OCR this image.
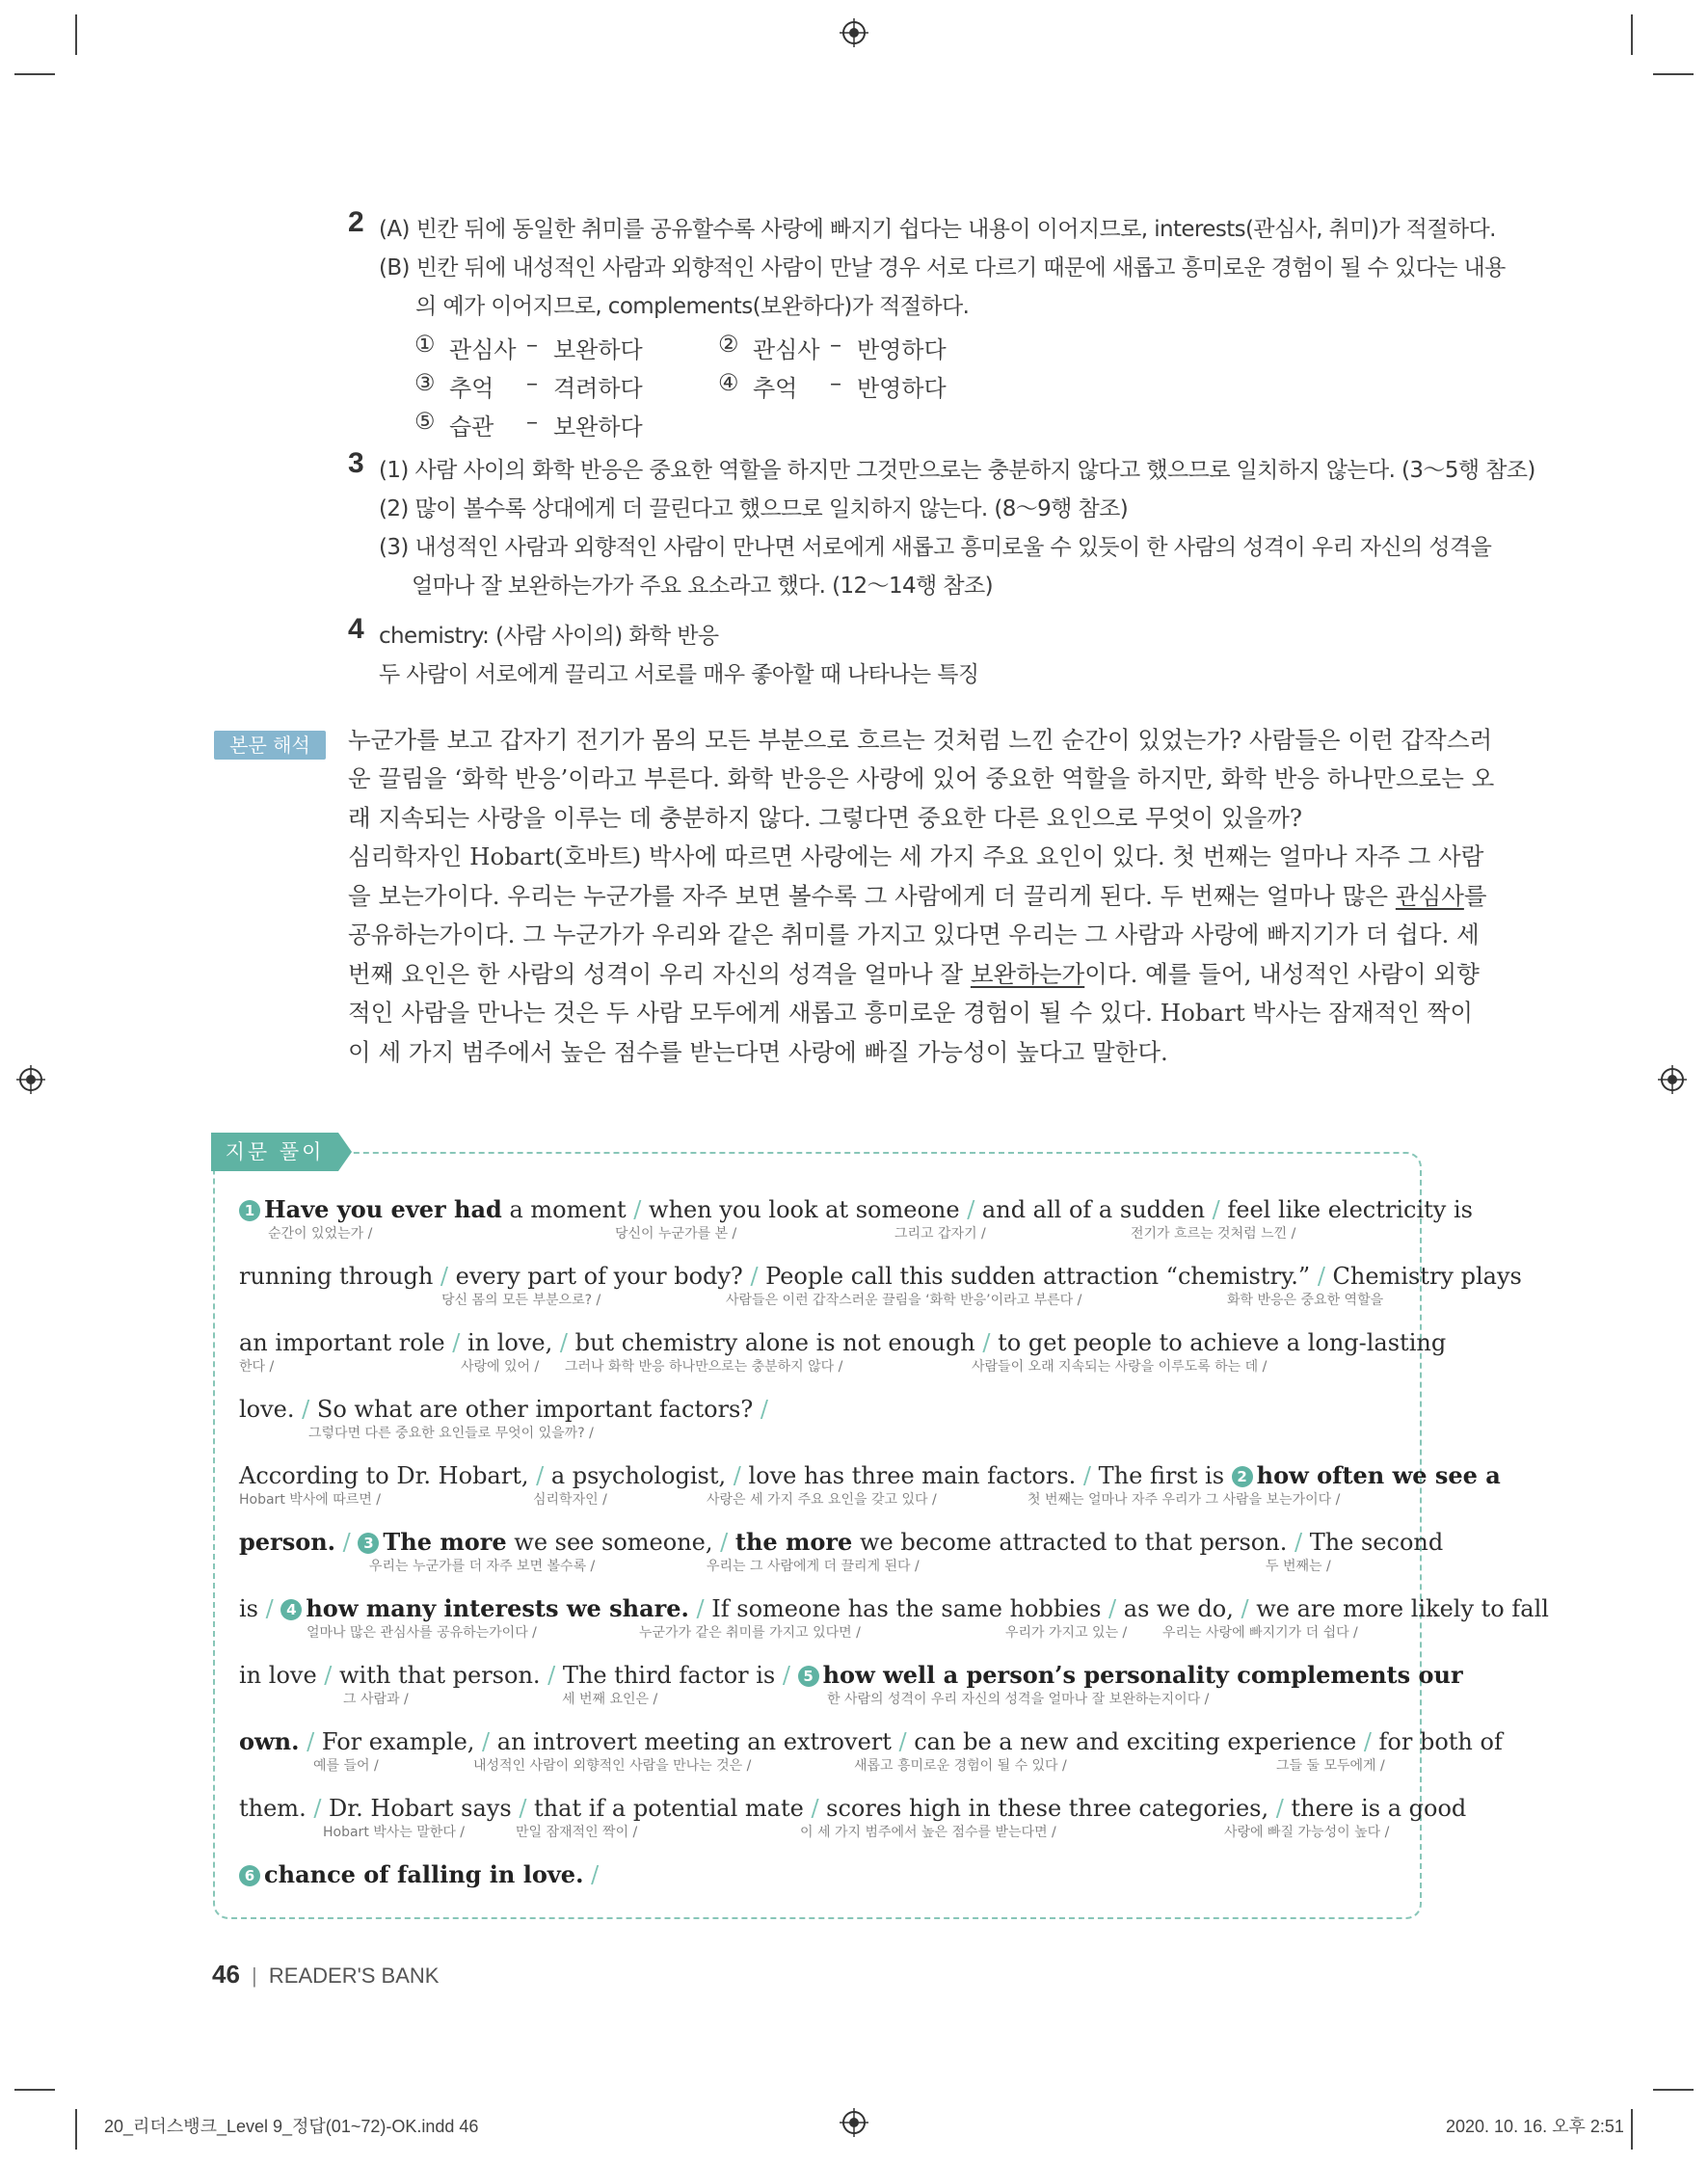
2 (A) 빈칸 뒤에 동일한 취미를 공유할수록 사랑에 빠지기 쉽다는 내용이 이어지므로, interests(관심사, 취미)가 적절하다.
(B) 빈칸 뒤에 내성적인 사람과 외향적인 사람이 만날 경우 서로 다르기 때문에 새롭고 흥미로운 경험이 될 수 있다는 내용
의 예가 이어지므로, complements(보완하다)가 적절하다.
① 관심사 – 보완하다	② 관심사 – 반영하다
③ 추억 – 격려하다	④ 추억 – 반영하다
⑤ 습관 – 보완하다
3 (1) 사람 사이의 화학 반응은 중요한 역할을 하지만 그것만으로는 충분하지 않다고 했으므로 일치하지 않는다. (3～5행 참조)
(2) 많이 볼수록 상대에게 더 끌린다고 했으므로 일치하지 않는다. (8～9행 참조)
(3) 내성적인 사람과 외향적인 사람이 만나면 서로에게 새롭고 흥미로울 수 있듯이 한 사람의 성격이 우리 자신의 성격을
얼마나 잘 보완하는가가 주요 요소라고 했다. (12～14행 참조)
4 chemistry: (사람 사이의) 화학 반응
두 사람이 서로에게 끌리고 서로를 매우 좋아할 때 나타나는 특징
본문 해석	누군가를 보고 갑자기 전기가 몸의 모든 부분으로 흐르는 것처럼 느낀 순간이 있었는가? 사람들은 이런 갑작스러
운 끌림을 ‘화학 반응’이라고 부른다. 화학 반응은 사랑에 있어 중요한 역할을 하지만, 화학 반응 하나만으로는 오
래 지속되는 사랑을 이루는 데 충분하지 않다. 그렇다면 중요한 다른 요인으로 무엇이 있을까?
심리학자인 Hobart(호바트) 박사에 따르면 사랑에는 세 가지 주요 요인이 있다. 첫 번째는 얼마나 자주 그 사람
을 보는가이다. 우리는 누군가를 자주 보면 볼수록 그 사람에게 더 끌리게 된다. 두 번째는 얼마나 많은 관심사를
공유하는가이다. 그 누군가가 우리와 같은 취미를 가지고 있다면 우리는 그 사람과 사랑에 빠지기가 더 쉽다. 세
번째 요인은 한 사람의 성격이 우리 자신의 성격을 얼마나 잘 보완하는가이다. 예를 들어, 내성적인 사람이 외향
적인 사람을 만나는 것은 두 사람 모두에게 새롭고 흥미로운 경험이 될 수 있다. Hobart 박사는 잠재적인 짝이
이 세 가지 범주에서 높은 점수를 받는다면 사랑에 빠질 가능성이 높다고 말한다.
지문 풀이
1 Have you ever had a moment / when you look at someone / and all of a sudden / feel like electricity is
순간이 있었는가 /	당신이 누군가를 본 /	그리고 갑자기 /	전기가 흐르는 것처럼 느낀 /
running through / every part of your body? / People call this sudden attraction “chemistry.” / Chemistry plays
당신 몸의 모든 부분으로? /	사람들은 이런 갑작스러운 끌림을 ‘화학 반응’이라고 부른다 /	화학 반응은 중요한 역할을
an important role / in love, / but chemistry alone is not enough / to get people to achieve a long-lasting
한다 /	사랑에 있어 / 그러나 화학 반응 하나만으로는 충분하지 않다 /	사람들이 오래 지속되는 사랑을 이루도록 하는 데 /
love. / So what are other important factors? /
그렇다면 다른 중요한 요인들로 무엇이 있을까? /
According to Dr. Hobart, / a psychologist, / love has three main factors. / The first is 2 how often we see a
Hobart 박사에 따르면 /	심리학자인 /	사랑은 세 가지 주요 요인을 갖고 있다 /	첫 번째는 얼마나 자주 우리가 그 사람을 보는가이다 /
person. / 3 The more we see someone, / the more we become attracted to that person. / The second
우리는 누군가를 더 자주 보면 볼수록 /	우리는 그 사람에게 더 끌리게 된다 /	두 번째는 /
is / 4 how many interests we share. / If someone has the same hobbies / as we do, / we are more likely to fall
얼마나 많은 관심사를 공유하는가이다 /	누군가가 같은 취미를 가지고 있다면 /	우리가 가지고 있는 /	우리는 사랑에 빠지기가 더 쉽다 /
in love / with that person. / The third factor is / 5 how well a person’s personality complements our
그 사람과 /	세 번째 요인은 /	한 사람의 성격이 우리 자신의 성격을 얼마나 잘 보완하는지이다 /
own. / For example, / an introvert meeting an extrovert / can be a new and exciting experience / for both of
예를 들어 /	내성적인 사람이 외향적인 사람을 만나는 것은 /	새롭고 흥미로운 경험이 될 수 있다 /	그들 둘 모두에게 /
them. / Dr. Hobart says / that if a potential mate / scores high in these three categories, / there is a good
Hobart 박사는 말한다 /	만일 잠재적인 짝이 /	이 세 가지 범주에서 높은 점수를 받는다면 /	사랑에 빠질 가능성이 높다 /
6 chance of falling in love. /
46 | READER'S BANK
20_리더스뱅크_Level 9_정답(01~72)-OK.indd 46	2020. 10. 16. 오후 2:51
